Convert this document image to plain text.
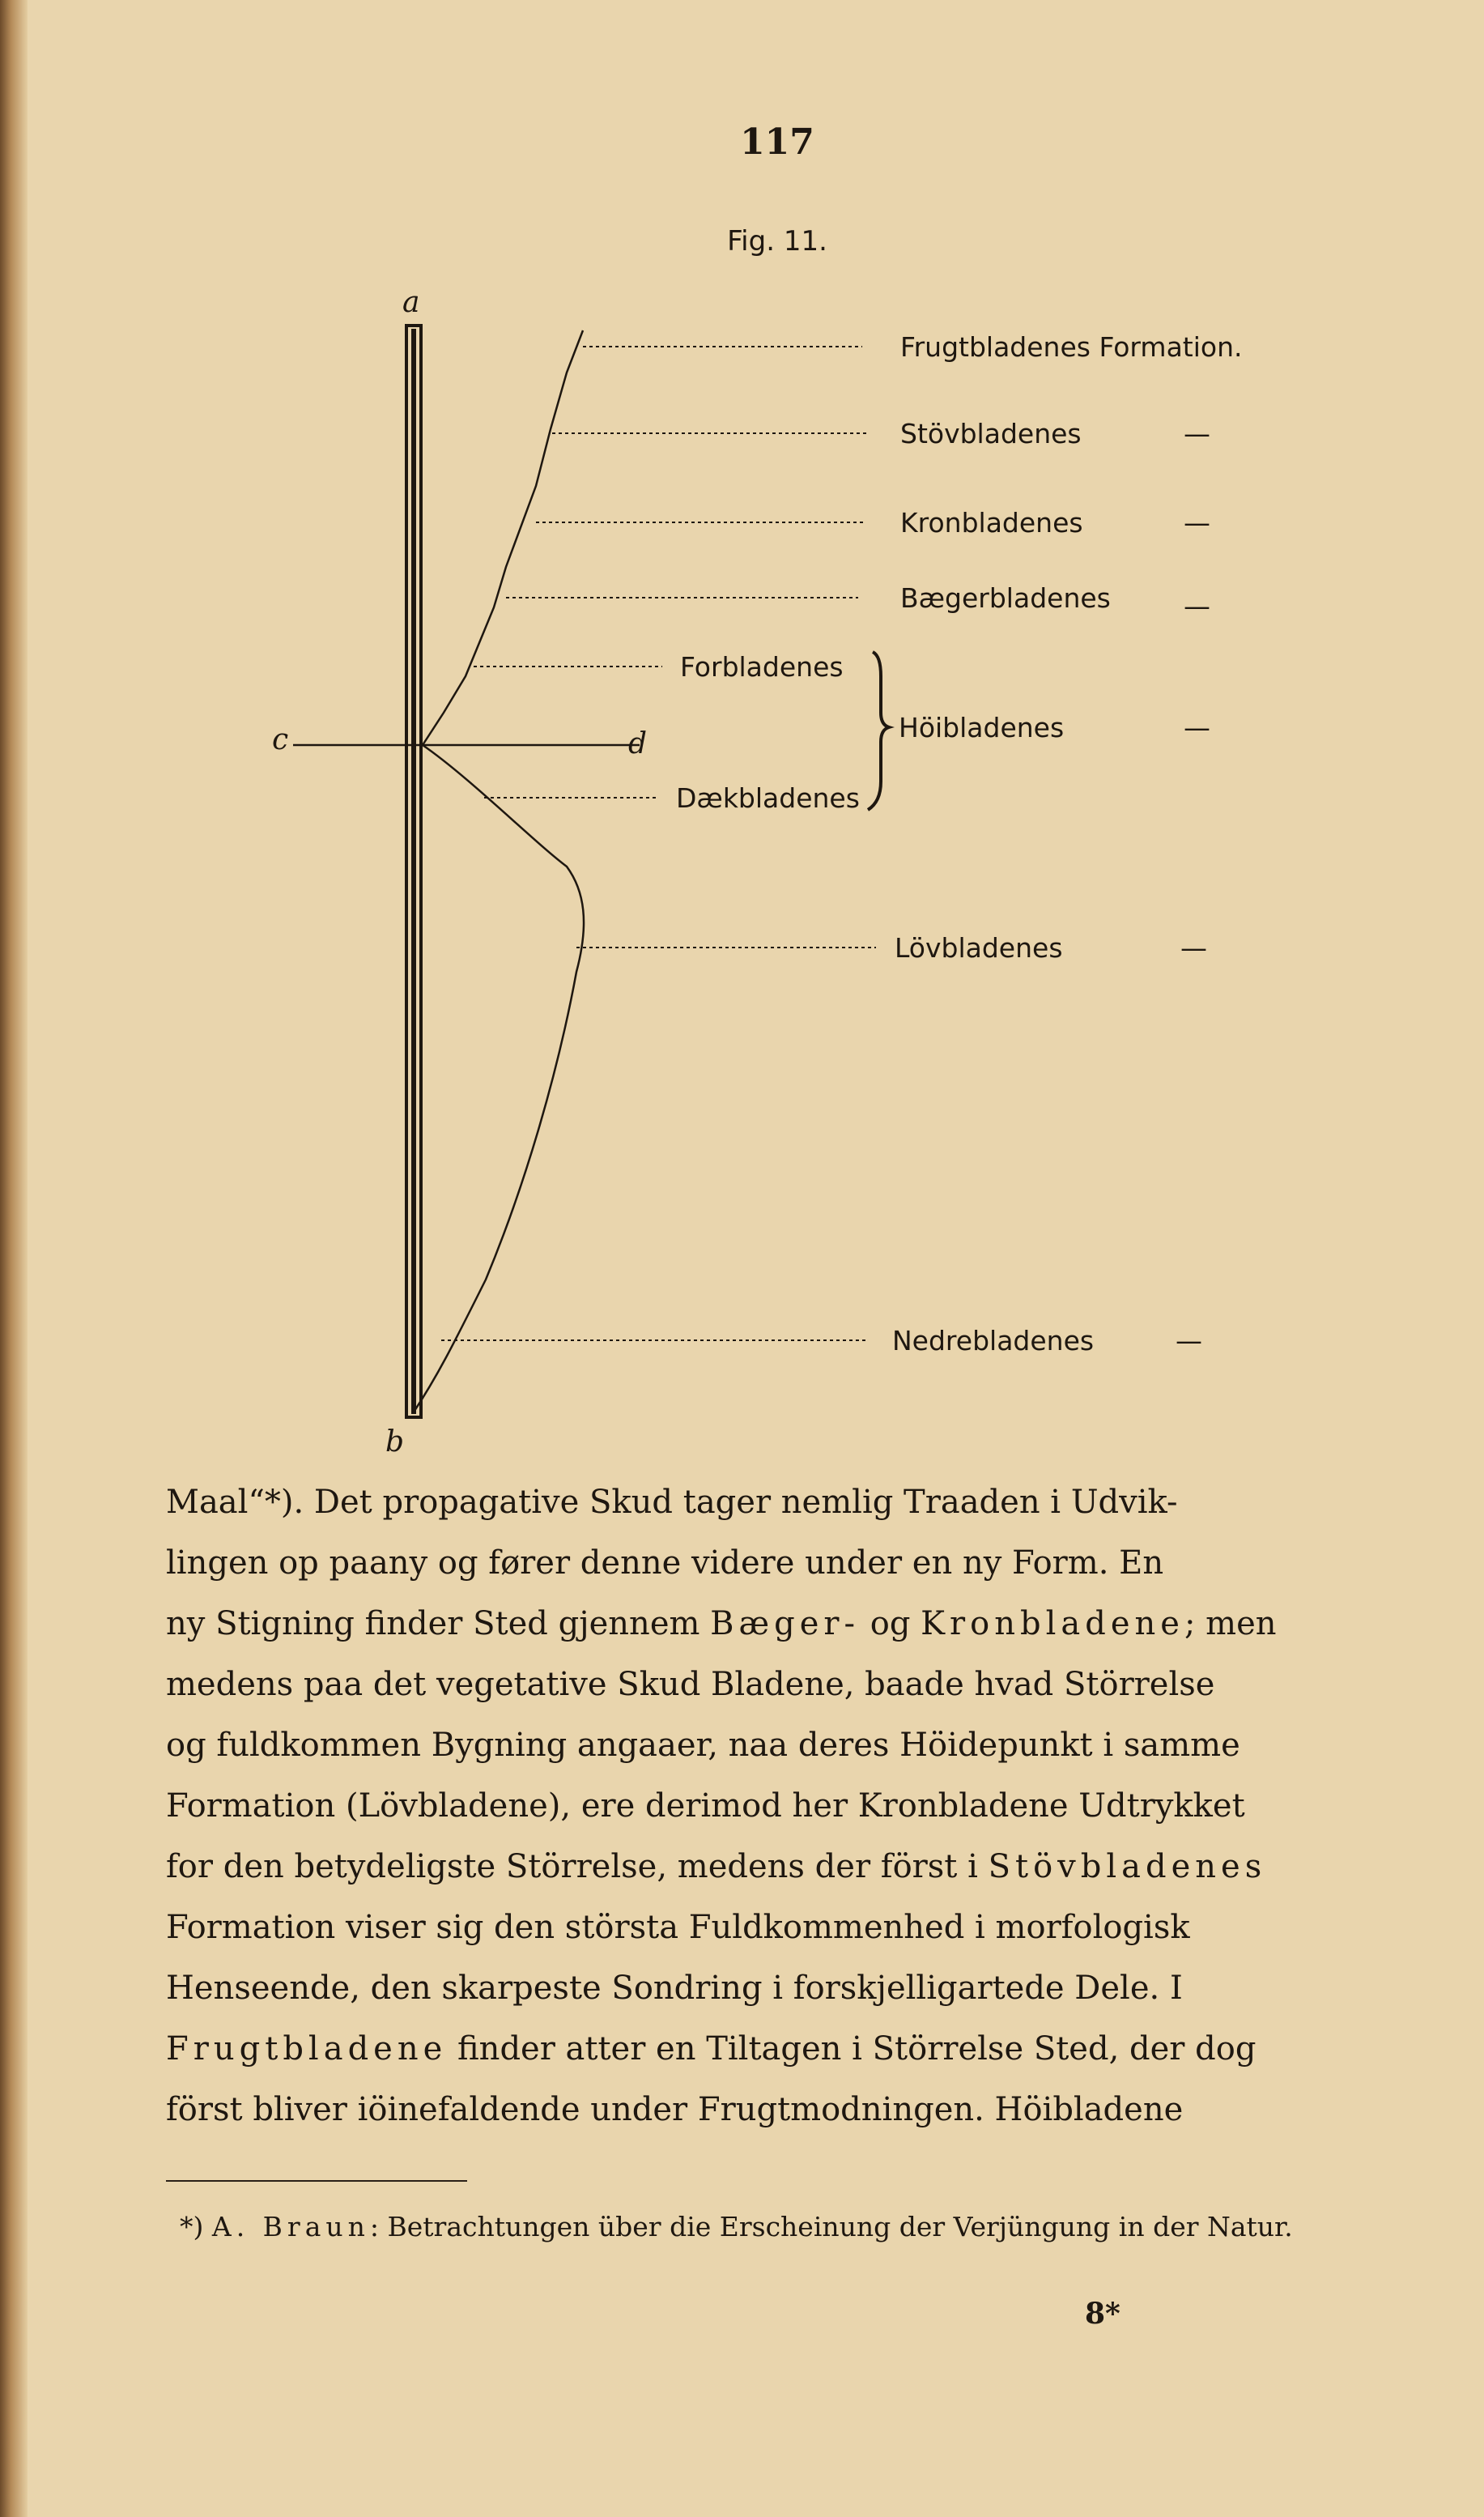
117
Fig. 11.
a
b
c	d
Frugtbladenes Formation.
Stövbladenes
Kronbladenes
Bægerbladenes
Forbladenes
Dækbladenes
Höibladenes
Lövbladenes
Nedrebladenes
—
—
—
—
—
—

Maal“*). Det propagative Skud tager nemlig Traaden i Udvik-

lingen op paany og fører denne videre under en ny Form. En

ny Stigning finder Sted gjennem Bæger- og Kronbladene; men

medens paa det vegetative Skud Bladene, baade hvad Störrelse

og fuldkommen Bygning angaaer, naa deres Höidepunkt i samme

Formation (Lövbladene), ere derimod her Kronbladene Udtrykket

for den betydeligste Störrelse, medens der först i Stövbladenes

Formation viser sig den största Fuldkommenhed i morfologisk

Henseende, den skarpeste Sondring i forskjelligartede Dele. I

Frugtbladene finder atter en Tiltagen i Störrelse Sted, der dog

först bliver iöinefaldende under Frugtmodningen. Höibladene

*) A. Braun: Betrachtungen über die Erscheinung der Verjüngung in der Natur.
8*
